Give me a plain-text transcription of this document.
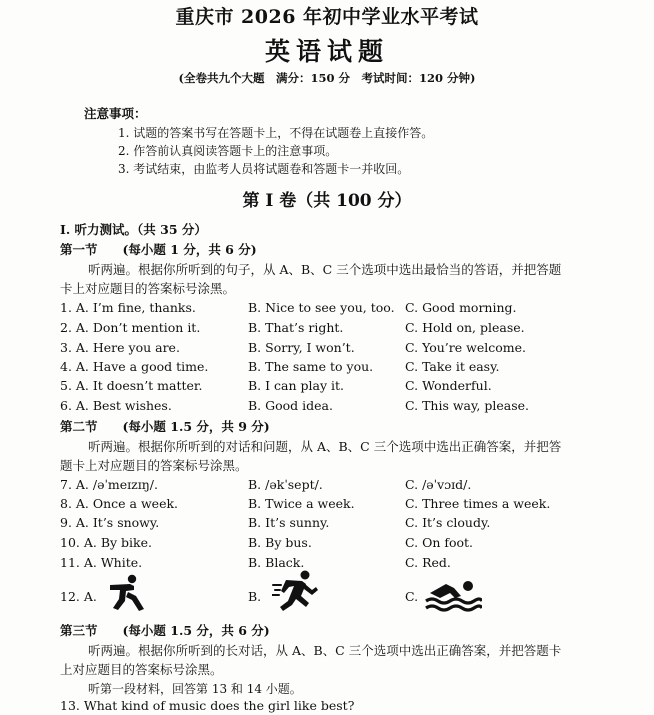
重庆市 2026 年初中学业水平考试
英语试题
(全卷共九个大题　满分：150 分　考试时间：120 分钟)
注意事项：
1. 试题的答案书写在答题卡上，不得在试题卷上直接作答。
2. 作答前认真阅读答题卡上的注意事项。
3. 考试结束，由监考人员将试题卷和答题卡一并收回。
第 I 卷（共 100 分）
I. 听力测试。（共 35 分）
第一节　　(每小题 1 分，共 6 分)
听两遍。根据你所听到的句子，从 A、B、C 三个选项中选出最恰当的答语，并把答题
卡上对应题目的答案标号涂黑。
1. A. I’m fine, thanks.	B. Nice to see you, too. C. Good morning.
2. A. Don’t mention it.	B. That’s right.	C. Hold on, please.
3. A. Here you are.	B. Sorry, I won’t.	C. You’re welcome.
4. A. Have a good time.	B. The same to you.	C. Take it easy.
5. A. It doesn’t matter.	B. I can play it.	C. Wonderful.
6. A. Best wishes.	B. Good idea.	C. This way, please.
第二节　　(每小题 1.5 分，共 9 分)
听两遍。根据你所听到的对话和问题，从 A、B、C 三个选项中选出正确答案，并把答
题卡上对应题目的答案标号涂黑。
7. A. /əˈmeɪzɪŋ/.	B. /əkˈsept/.	C. /əˈvɔɪd/.
8. A. Once a week.	B. Twice a week.	C. Three times a week.
9. A. It’s snowy.	B. It’s sunny.	C. It’s cloudy.
10. A. By bike.	B. By bus.	C. On foot.
11. A. White.	B. Black.	C. Red.
12. A.	B.	C.
第三节　　(每小题 1.5 分，共 6 分)
听两遍。根据你所听到的长对话，从 A、B、C 三个选项中选出正确答案，并把答题卡
上对应题目的答案标号涂黑。
听第一段材料，回答第 13 和 14 小题。
13. What kind of music does the girl like best?
